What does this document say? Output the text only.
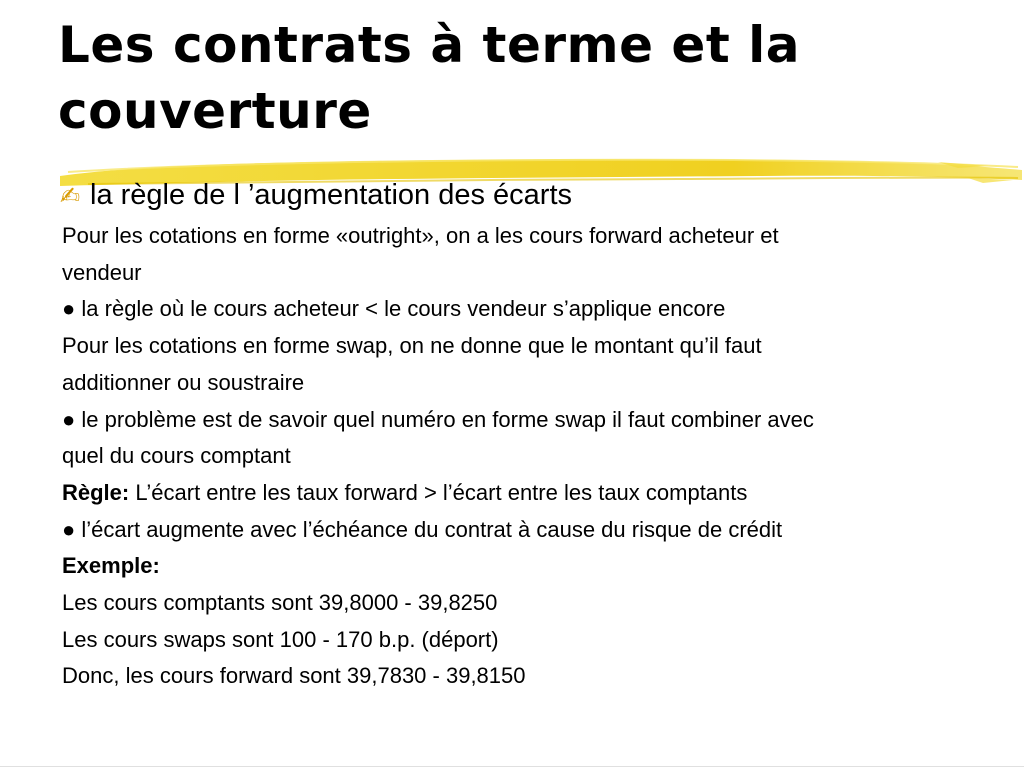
Les contrats à terme et la couverture
✍ la règle de l ’augmentation des écarts
Pour les cotations en forme «outright», on a les cours forward acheteur et
vendeur
● la règle où le cours acheteur < le cours vendeur s’applique encore
Pour les cotations en forme swap, on ne donne que le montant qu’il faut
additionner ou soustraire
● le problème est de savoir quel numéro en forme swap il faut combiner avec
quel du cours comptant
Règle: L’écart entre les taux forward > l’écart entre les taux comptants
● l’écart augmente avec l’échéance du contrat à cause du risque de crédit
Exemple:
Les cours comptants sont 39,8000 - 39,8250
Les cours swaps sont 100 - 170 b.p. (déport)
Donc, les cours forward sont 39,7830 - 39,8150
